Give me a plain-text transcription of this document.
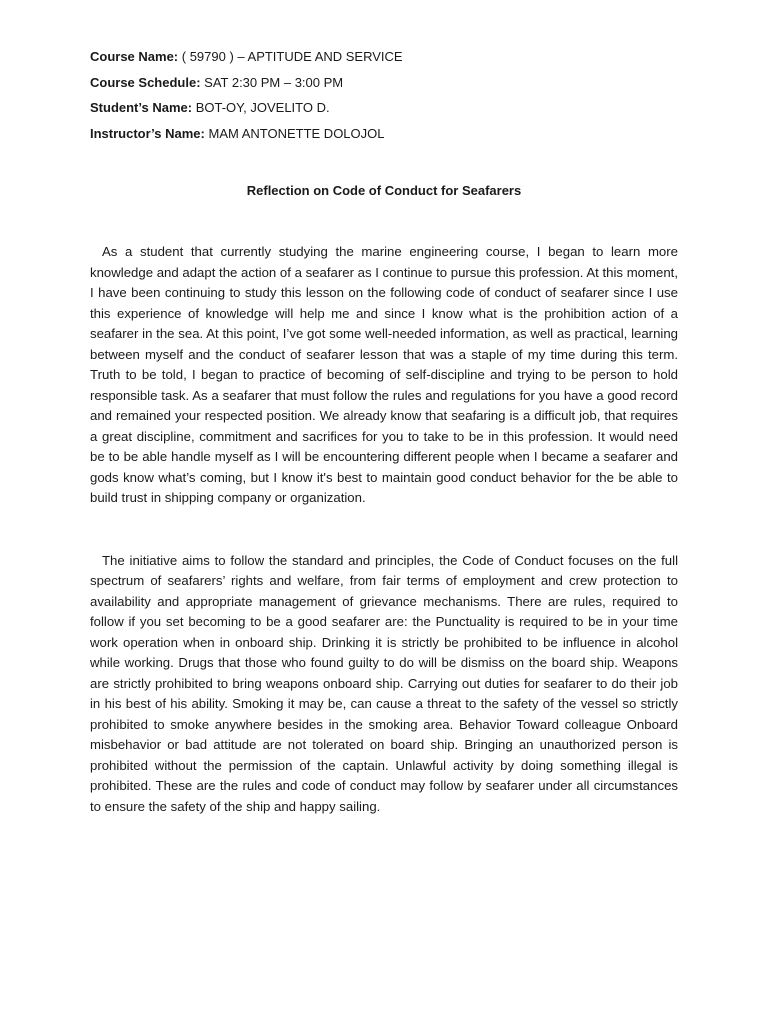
Course Name: ( 59790 ) – APTITUDE AND SERVICE
Course Schedule: SAT 2:30 PM – 3:00 PM
Student’s Name: BOT-OY, JOVELITO D.
Instructor’s Name: MAM ANTONETTE DOLOJOL
Reflection on Code of Conduct for Seafarers

As a student that currently studying the marine engineering course, I began to learn more knowledge and adapt the action of a seafarer as I continue to pursue this profession. At this moment, I have been continuing to study this lesson on the following code of conduct of seafarer since I use this experience of knowledge will help me and since I know what is the prohibition action of a seafarer in the sea. At this point, I’ve got some well-needed information, as well as practical, learning between myself and the conduct of seafarer lesson that was a staple of my time during this term. Truth to be told, I began to practice of becoming of self-discipline and trying to be person to hold responsible task. As a seafarer that must follow the rules and regulations for you have a good record and remained your respected position. We already know that seafaring is a difficult job, that requires a great discipline, commitment and sacrifices for you to take to be in this profession. It would need be to be able handle myself as I will be encountering different people when I became a seafarer and gods know what’s coming, but I know it's best to maintain good conduct behavior for the be able to build trust in shipping company or organization.

The initiative aims to follow the standard and principles, the Code of Conduct focuses on the full spectrum of seafarers’ rights and welfare, from fair terms of employment and crew protection to availability and appropriate management of grievance mechanisms. There are rules, required to follow if you set becoming to be a good seafarer are: the Punctuality is required to be in your time work operation when in onboard ship. Drinking it is strictly be prohibited to be influence in alcohol while working. Drugs that those who found guilty to do will be dismiss on the board ship. Weapons are strictly prohibited to bring weapons onboard ship. Carrying out duties for seafarer to do their job in his best of his ability. Smoking it may be, can cause a threat to the safety of the vessel so strictly prohibited to smoke anywhere besides in the smoking area. Behavior Toward colleague Onboard misbehavior or bad attitude are not tolerated on board ship. Bringing an unauthorized person is prohibited without the permission of the captain. Unlawful activity by doing something illegal is prohibited. These are the rules and code of conduct may follow by seafarer under all circumstances to ensure the safety of the ship and happy sailing.
